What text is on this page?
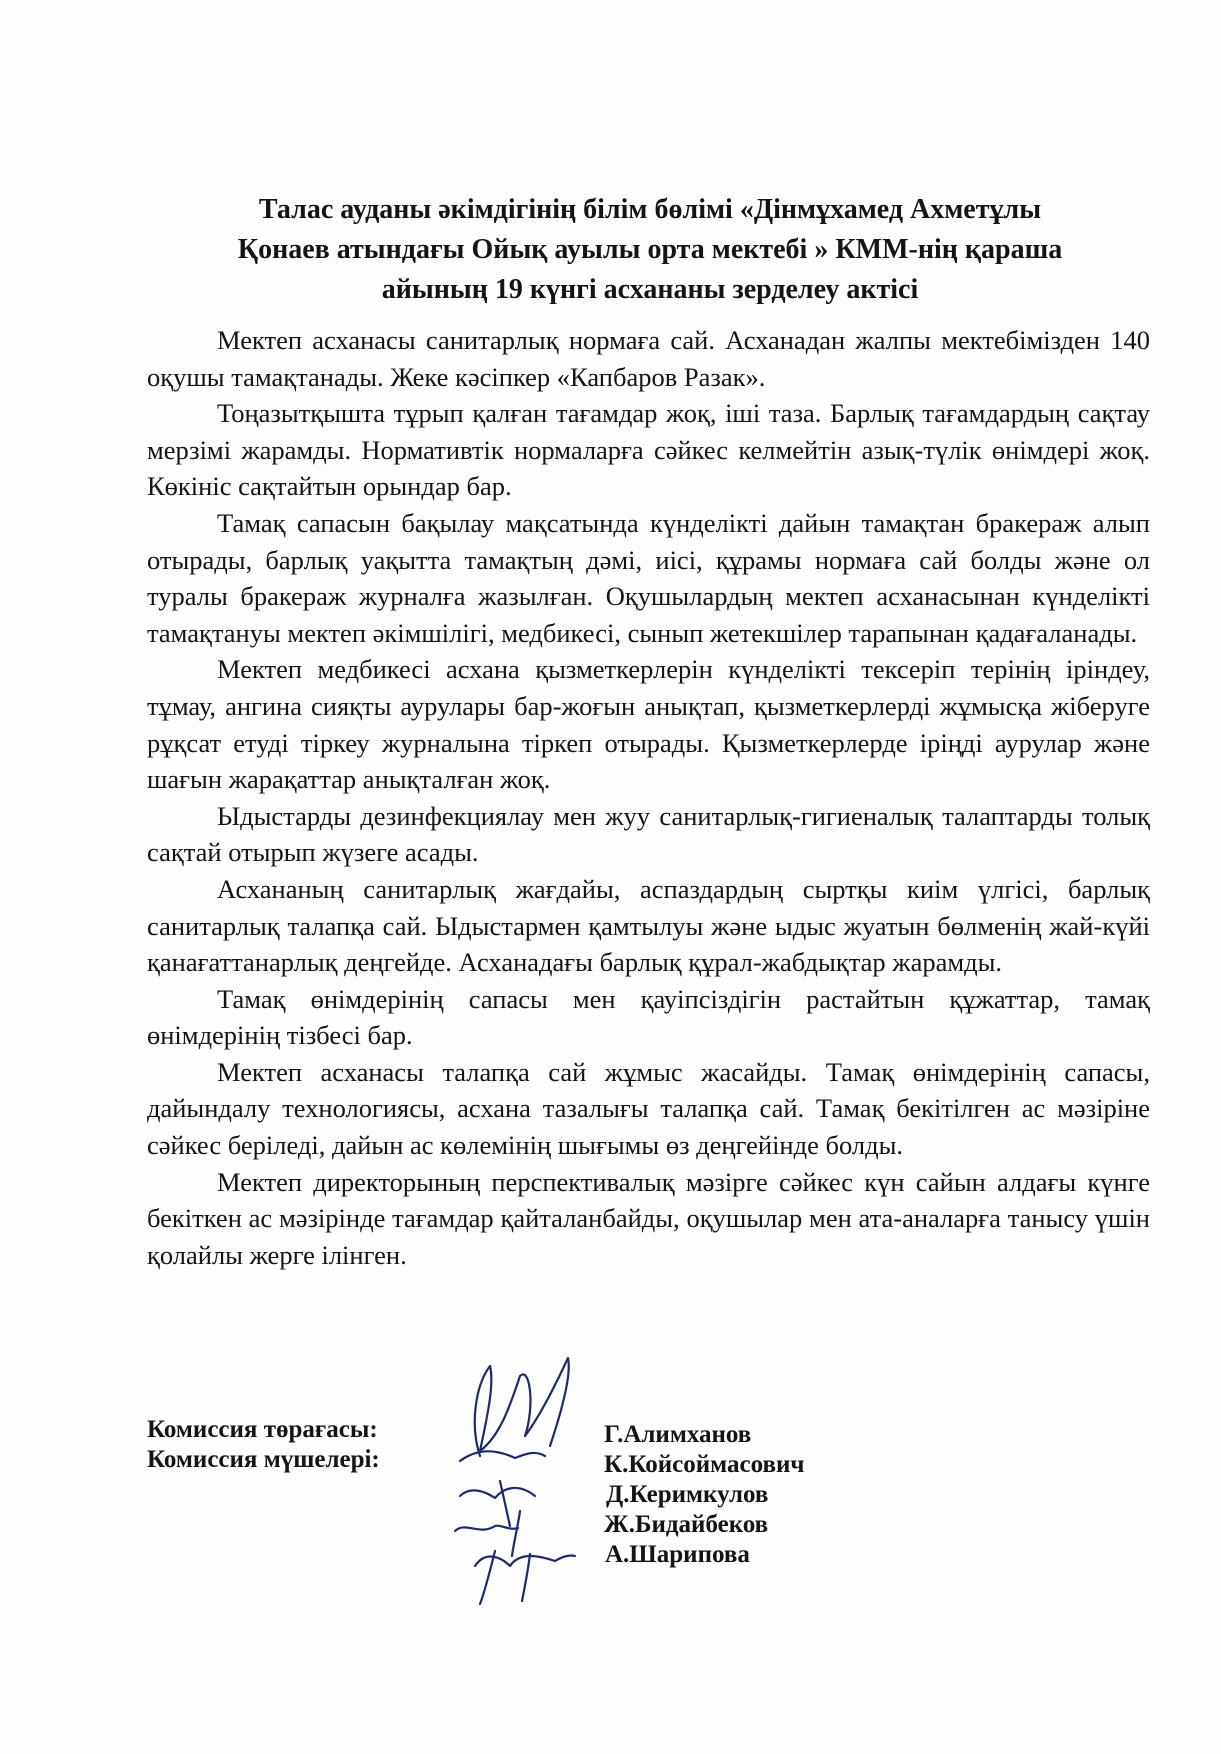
Талас ауданы әкімдігінің білім бөлімі «Дінмұхамед Ахметұлы
Қонаев атындағы Ойық ауылы орта мектебі » КММ-нің қараша
айының 19 күнгі асхананы зерделеу актісі

Мектеп асханасы санитарлық нормаға сай. Асханадан жалпы мектебімізден 140 оқушы тамақтанады. Жеке кәсіпкер «Капбаров Разак».

Тоңазытқышта тұрып қалған тағамдар жоқ, іші таза. Барлық тағамдардың сақтау мерзімі жарамды. Нормативтік нормаларға сәйкес келмейтін азық-түлік өнімдері жоқ. Көкініс сақтайтын орындар бар.

Тамақ сапасын бақылау мақсатында күнделікті дайын тамақтан бракераж алып отырады, барлық уақытта тамақтың дәмі, иісі, құрамы нормаға сай болды және ол туралы бракераж журналға жазылған. Оқушылардың мектеп асханасынан күнделікті тамақтануы мектеп әкімшілігі, медбикесі, сынып жетекшілер тарапынан қадағаланады.

Мектеп медбикесі асхана қызметкерлерін күнделікті тексеріп терінің іріндеу, тұмау, ангина сияқты аурулары бар-жоғын анықтап, қызметкерлерді жұмысқа жіберуге рұқсат етуді тіркеу журналына тіркеп отырады. Қызметкерлерде іріңді аурулар және шағын жарақаттар анықталған жоқ.

Ыдыстарды дезинфекциялау мен жуу санитарлық-гигиеналық талаптарды толық сақтай отырып жүзеге асады.

Асхананың санитарлық жағдайы, аспаздардың сыртқы киім үлгісі, барлық санитарлық талапқа сай. Ыдыстармен қамтылуы және ыдыс жуатын бөлменің жай-күйі қанағаттанарлық деңгейде. Асханадағы барлық құрал-жабдықтар жарамды.

Тамақ өнімдерінің сапасы мен қауіпсіздігін растайтын құжаттар, тамақ өнімдерінің тізбесі бар.

Мектеп асханасы талапқа сай жұмыс жасайды. Тамақ өнімдерінің сапасы, дайындалу технологиясы, асхана тазалығы талапқа сай. Тамақ бекітілген ас мәзіріне сәйкес беріледі, дайын ас көлемінің шығымы өз деңгейінде болды.

Мектеп директорының перспективалық мәзірге сәйкес күн сайын алдағы күнге бекіткен ас мәзірінде тағамдар қайталанбайды, оқушылар мен ата-аналарға танысу үшін қолайлы жерге ілінген.

Комиссия төрағасы:
Комиссия мүшелері:
Г.Алимханов
К.Койсоймасович
Д.Керимкулов
Ж.Бидайбеков
А.Шарипова
